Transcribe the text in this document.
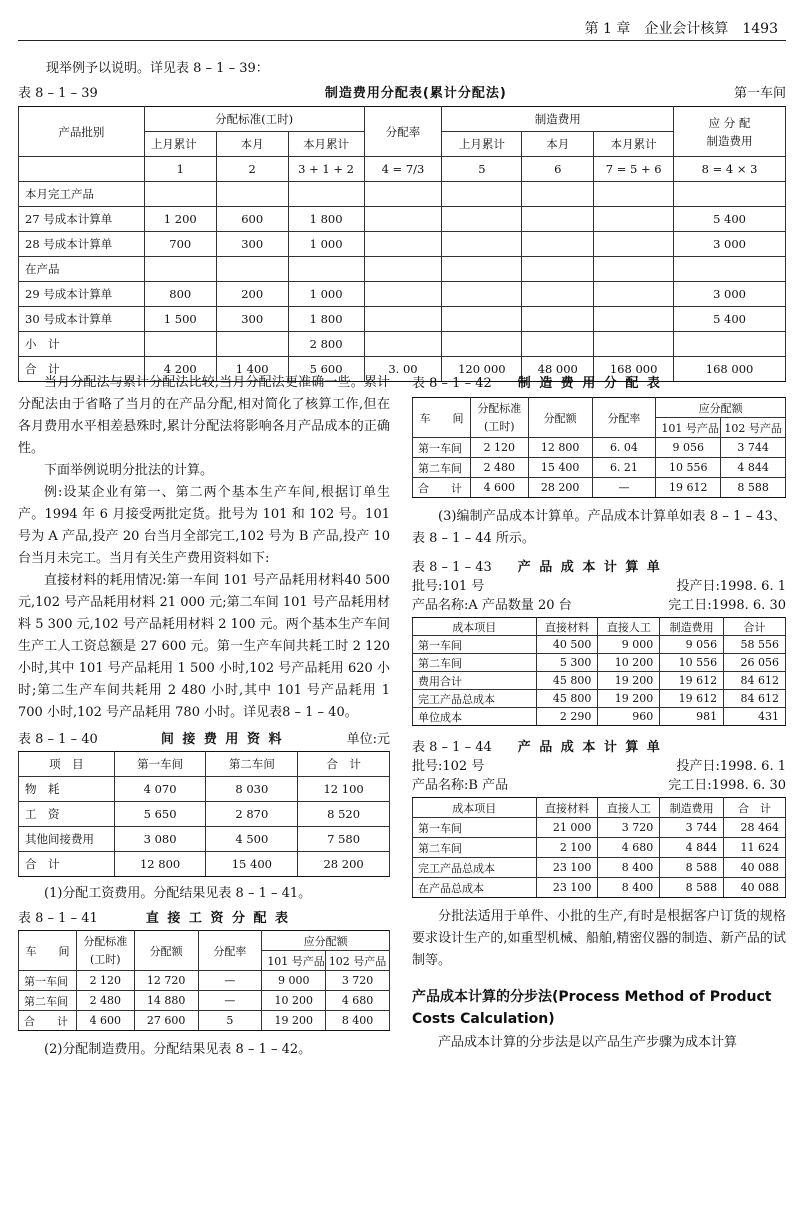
第 1 章　企业会计核算　1493
现举例予以说明。详见表 8 – 1 – 39：
表 8 – 1 – 39	制造费用分配表(累计分配法)	第一车间
产品批别	分配标准(工时)			分配率	制造费用			应 分 配
制造费用
	上月累计	本月	本月累计		上月累计	本月	本月累计	
	1	2	3 + 1 + 2	4 = 7/3	5	6	7 = 5 + 6	8 = 4 × 3
本月完工产品								
27 号成本计算单	1 200	600	1 800					5 400
28 号成本计算单	700	300	1 000					3 000
在产品								
29 号成本计算单	800	200	1 000					3 000
30 号成本计算单	1 500	300	1 800					5 400
小　计			2 800					
合　计	4 200	1 400	5 600	3. 00	120 000	48 000	168 000	168 000
当月分配法与累计分配法比较,当月分配法更准确一些。累计分配法由于省略了当月的在产品分配,相对简化了核算工作,但在各月费用水平相差悬殊时,累计分配法将影响各月产品成本的正确性。
下面举例说明分批法的计算。
例:设某企业有第一、第二两个基本生产车间,根据订单生产。1994 年 6 月接受两批定货。批号为 101 和 102 号。101 号为 A 产品,投产 20 台当月全部完工,102 号为 B 产品,投产 10 台当月未完工。当月有关生产费用资料如下:
直接材料的耗用情况:第一车间 101 号产品耗用材料40 500元,102 号产品耗用材料 21 000 元;第二车间 101 号产品耗用材料 5 300 元,102 号产品耗用材料 2 100 元。两个基本生产车间生产工人工资总额是 27 600 元。第一生产车间共耗工时 2 120 小时,其中 101 号产品耗用 1 500 小时,102 号产品耗用 620 小时;第二生产车间共耗用 2 480 小时,其中 101 号产品耗用 1 700 小时,102 号产品耗用 780 小时。详见表8 – 1 – 40。
表 8 – 1 – 40	间 接 费 用 资 料	单位:元
项　目	第一车间	第二车间	合　计
物　耗	4 070	8 030	12 100
工　资	5 650	2 870	8 520
其他间接费用	3 080	4 500	7 580
合　计	12 800	15 400	28 200
(1)分配工资费用。分配结果见表 8 – 1 – 41。
表 8 – 1 – 41	直 接 工 资 分 配 表
车　　间	分配标准
(工时)	分配额	分配率	应分配额	
				101 号产品	102 号产品
第一车间	2 120	12 720	—	9 000	3 720
第二车间	2 480	14 880	—	10 200	4 680
合　　计	4 600	27 600	5	19 200	8 400
(2)分配制造费用。分配结果见表 8 – 1 – 42。
表 8 – 1 – 42 制 造 费 用 分 配 表
车　　间	分配标准
(工时)	分配额	分配率	应分配额	
				101 号产品	102 号产品
第一车间	2 120	12 800	6. 04	9 056	3 744
第二车间	2 480	15 400	6. 21	10 556	4 844
合　　计	4 600	28 200	—	19 612	8 588
(3)编制产品成本计算单。产品成本计算单如表 8 – 1 – 43、表 8 – 1 – 44 所示。
表 8 – 1 – 43 产 品 成 本 计 算 单
批号:101 号	投产日:1998. 6. 1
产品名称:A 产品数量 20 台	完工日:1998. 6. 30
成本项目	直接材料	直接人工	制造费用	合计
第一车间	40 500	9 000	9 056	58 556
第二车间	5 300	10 200	10 556	26 056
费用合计	45 800	19 200	19 612	84 612
完工产品总成本	45 800	19 200	19 612	84 612
单位成本	2 290	960	981	431
表 8 – 1 – 44 产 品 成 本 计 算 单
批号:102 号	投产日:1998. 6. 1
产品名称:B 产品	完工日:1998. 6. 30
成本项目	直接材料	直接人工	制造费用	合　计
第一车间	21 000	3 720	3 744	28 464
第二车间	2 100	4 680	4 844	11 624
完工产品总成本	23 100	8 400	8 588	40 088
在产品总成本	23 100	8 400	8 588	40 088
分批法适用于单件、小批的生产,有时是根据客户订货的规格要求设计生产的,如重型机械、船舶,精密仪器的制造、新产品的试制等。
产品成本计算的分步法(Process Method of Product Costs Calculation)
产品成本计算的分步法是以产品生产步骤为成本计算
